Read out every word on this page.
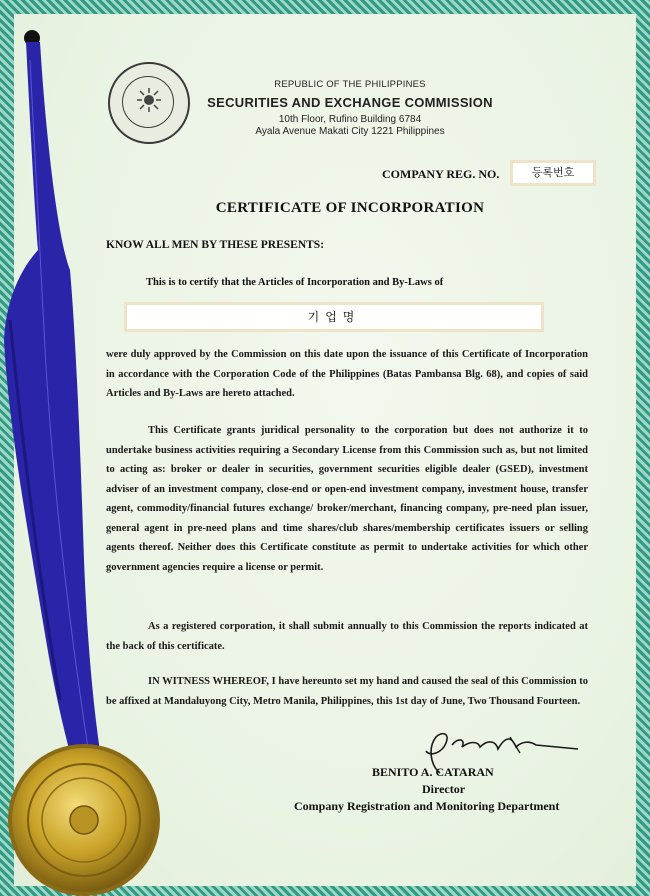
REPUBLIC OF THE PHILIPPINES
SECURITIES AND EXCHANGE COMMISSION
10th Floor, Rufino Building 6784
Ayala Avenue Makati City 1221 Philippines
COMPANY REG. NO.	등록번호
CERTIFICATE OF INCORPORATION
KNOW ALL MEN BY THESE PRESENTS:
This is to certify that the Articles of Incorporation and By-Laws of
기업명

were duly approved by the Commission on this date upon the issuance of this Certificate of Incorporation in accordance with the Corporation Code of the Philippines (Batas Pambansa Blg. 68), and copies of said Articles and By-Laws are hereto attached.

This Certificate grants juridical personality to the corporation but does not authorize it to undertake business activities requiring a Secondary License from this Commission such as, but not limited to acting as: broker or dealer in securities, government securities eligible dealer (GSED), investment adviser of an investment company, close-end or open-end investment company, investment house, transfer agent, commodity/financial futures exchange/ broker/merchant, financing company, pre-need plan issuer, general agent in pre-need plans and time shares/club shares/membership certificates issuers or selling agents thereof. Neither does this Certificate constitute as permit to undertake activities for which other government agencies require a license or permit.

As a registered corporation, it shall submit annually to this Commission the reports indicated at the back of this certificate.

IN WITNESS WHEREOF, I have hereunto set my hand and caused the seal of this Commission to be affixed at Mandaluyong City, Metro Manila, Philippines, this 1st day of June, Two Thousand Fourteen.

BENITO A. CATARAN
Director
Company Registration and Monitoring Department
